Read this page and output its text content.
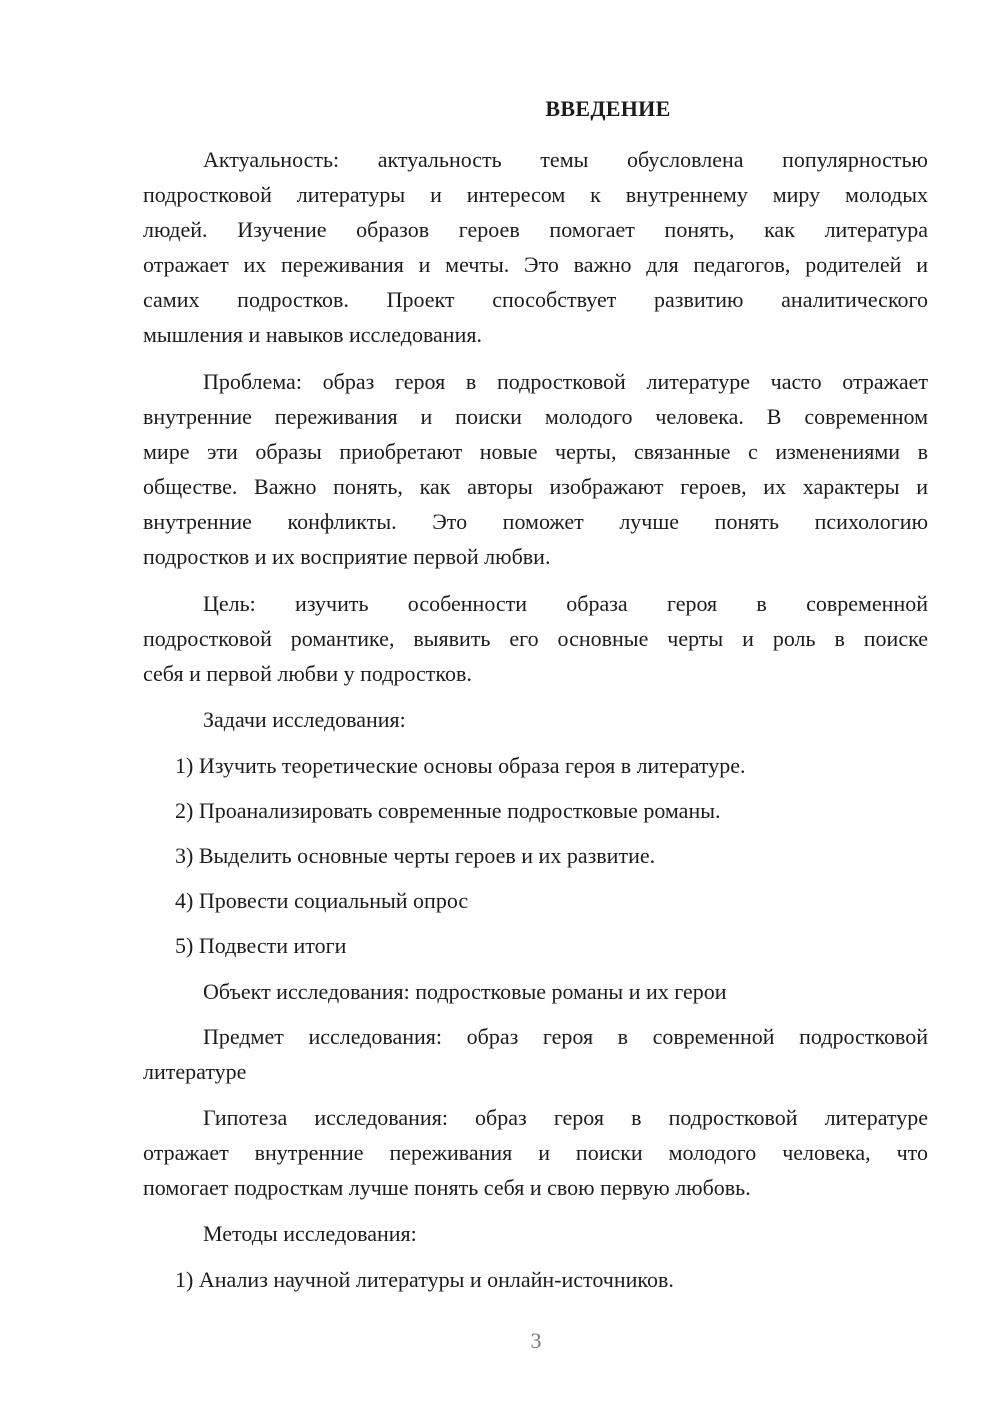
ВВЕДЕНИЕ
Актуальность: актуальность темы обусловлена популярностью
подростковой литературы и интересом к внутреннему миру молодых
людей. Изучение образов героев помогает понять, как литература
отражает их переживания и мечты. Это важно для педагогов, родителей и
самих подростков. Проект способствует развитию аналитического
мышления и навыков исследования.
Проблема: образ героя в подростковой литературе часто отражает
внутренние переживания и поиски молодого человека. В современном
мире эти образы приобретают новые черты, связанные с изменениями в
обществе. Важно понять, как авторы изображают героев, их характеры и
внутренние конфликты. Это поможет лучше понять психологию
подростков и их восприятие первой любви.
Цель: изучить особенности образа героя в современной
подростковой романтике, выявить его основные черты и роль в поиске
себя и первой любви у подростков.
Задачи исследования:
1) Изучить теоретические основы образа героя в литературе.
2) Проанализировать современные подростковые романы.
3) Выделить основные черты героев и их развитие.
4) Провести социальный опрос
5) Подвести итоги
Объект исследования: подростковые романы и их герои
Предмет исследования: образ героя в современной подростковой
литературе
Гипотеза исследования: образ героя в подростковой литературе
отражает внутренние переживания и поиски молодого человека, что
помогает подросткам лучше понять себя и свою первую любовь.
Методы исследования:
1) Анализ научной литературы и онлайн-источников.
3
